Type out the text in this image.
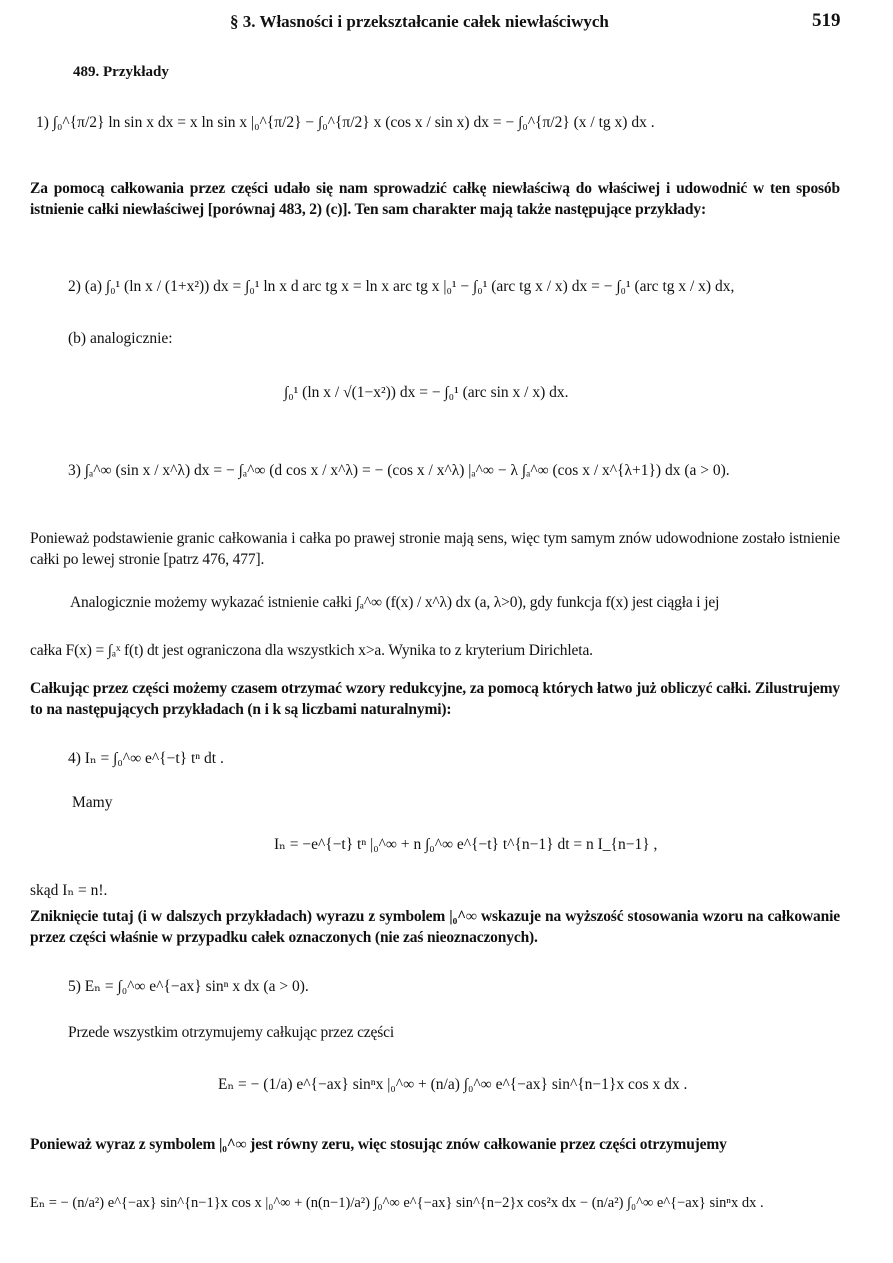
§ 3. Własności i przekształcanie całek niewłaściwych	519
489. Przykłady
1) ∫₀^{π/2} ln sin x dx = x ln sin x |₀^{π/2} − ∫₀^{π/2} x (cos x / sin x) dx = − ∫₀^{π/2} (x / tg x) dx .
Za pomocą całkowania przez części udało się nam sprowadzić całkę niewłaściwą do właściwej i udowodnić w ten sposób istnienie całki niewłaściwej [porównaj 483, 2) (c)]. Ten sam charakter mają także następujące przykłady:
2) (a) ∫₀¹ (ln x / (1+x²)) dx = ∫₀¹ ln x d arc tg x = ln x arc tg x |₀¹ − ∫₀¹ (arc tg x / x) dx = − ∫₀¹ (arc tg x / x) dx,
(b) analogicznie:
∫₀¹ (ln x / √(1−x²)) dx = − ∫₀¹ (arc sin x / x) dx.
3) ∫ₐ^∞ (sin x / x^λ) dx = − ∫ₐ^∞ (d cos x / x^λ) = − (cos x / x^λ) |ₐ^∞ − λ ∫ₐ^∞ (cos x / x^{λ+1}) dx (a > 0).
Ponieważ podstawienie granic całkowania i całka po prawej stronie mają sens, więc tym samym znów udowodnione zostało istnienie całki po lewej stronie [patrz 476, 477].
Analogicznie możemy wykazać istnienie całki ∫ₐ^∞ (f(x) / x^λ) dx (a, λ>0), gdy funkcja f(x) jest ciągła i jej
całka F(x) = ∫ₐˣ f(t) dt jest ograniczona dla wszystkich x>a. Wynika to z kryterium Dirichleta.
Całkując przez części możemy czasem otrzymać wzory redukcyjne, za pomocą których łatwo już obliczyć całki. Zilustrujemy to na następujących przykładach (n i k są liczbami naturalnymi):
4) Iₙ = ∫₀^∞ e^{−t} tⁿ dt .
Mamy
Iₙ = −e^{−t} tⁿ |₀^∞ + n ∫₀^∞ e^{−t} t^{n−1} dt = n I_{n−1} ,
skąd Iₙ = n!.
Zniknięcie tutaj (i w dalszych przykładach) wyrazu z symbolem |₀^∞ wskazuje na wyższość stosowania wzoru na całkowanie przez części właśnie w przypadku całek oznaczonych (nie zaś nieoznaczonych).
5) Eₙ = ∫₀^∞ e^{−ax} sinⁿ x dx (a > 0).
Przede wszystkim otrzymujemy całkując przez części
Eₙ = − (1/a) e^{−ax} sinⁿx |₀^∞ + (n/a) ∫₀^∞ e^{−ax} sin^{n−1}x cos x dx .
Ponieważ wyraz z symbolem |₀^∞ jest równy zeru, więc stosując znów całkowanie przez części otrzymujemy
Eₙ = − (n/a²) e^{−ax} sin^{n−1}x cos x |₀^∞ + (n(n−1)/a²) ∫₀^∞ e^{−ax} sin^{n−2}x cos²x dx − (n/a²) ∫₀^∞ e^{−ax} sinⁿx dx .
